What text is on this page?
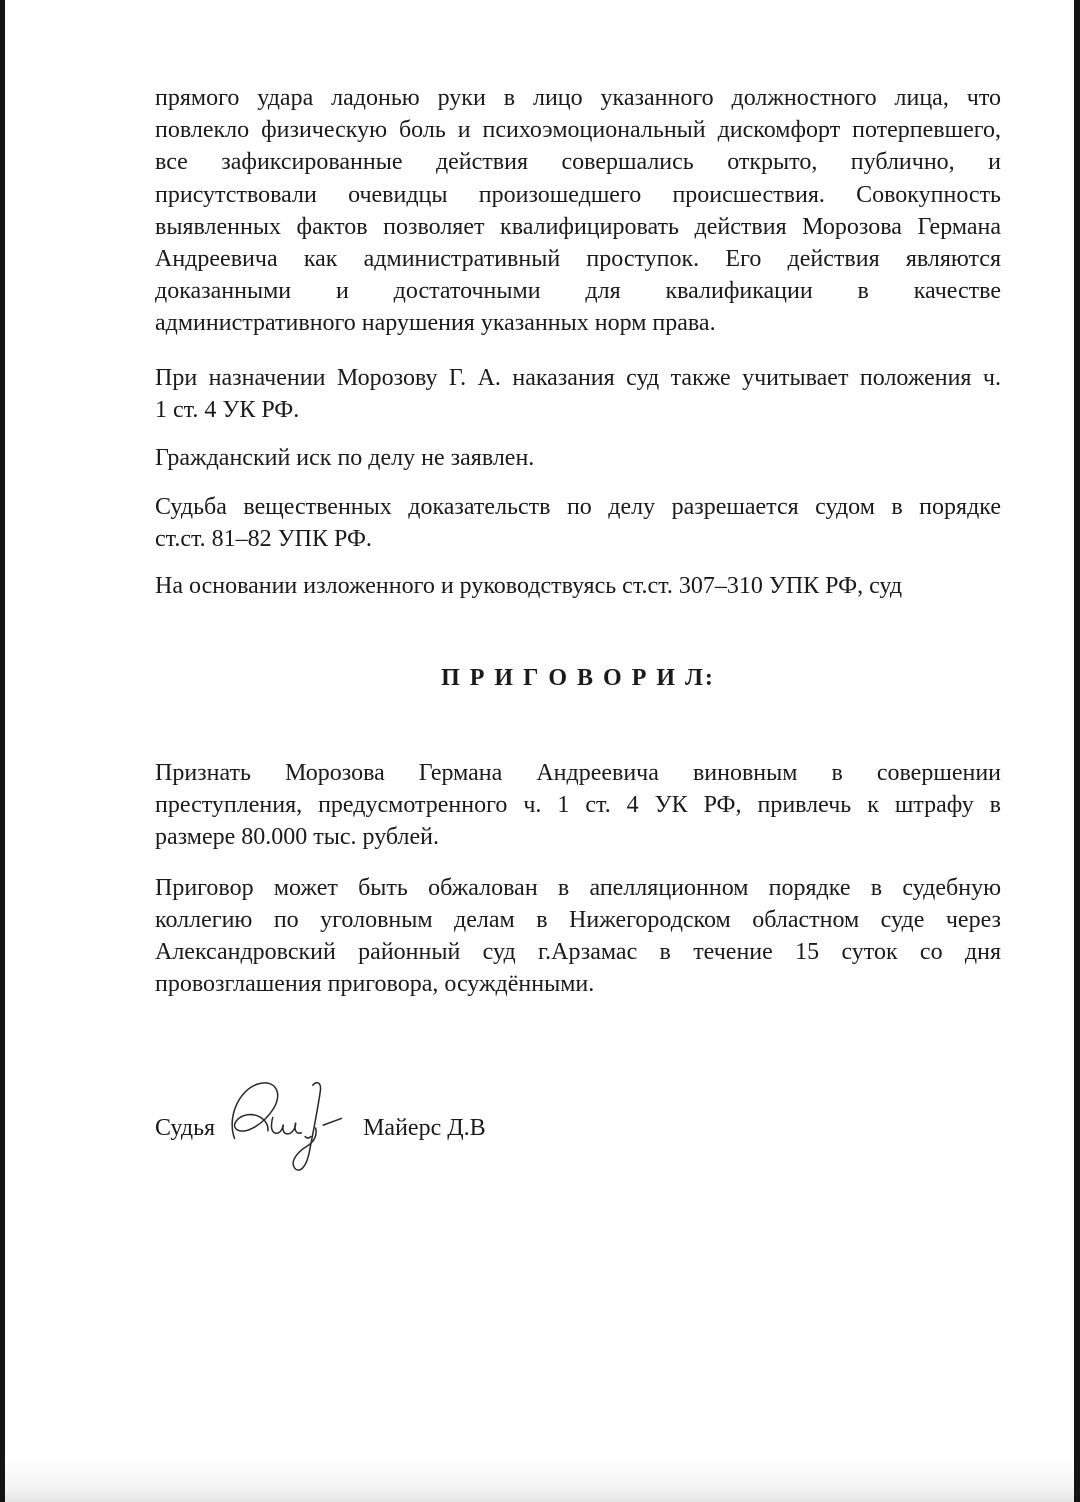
прямого удара ладонью руки в лицо указанного должностного лица, что
повлекло физическую боль и психоэмоциональный дискомфорт потерпевшего,
все зафиксированные действия совершались открыто, публично, и
присутствовали очевидцы произошедшего происшествия. Совокупность
выявленных фактов позволяет квалифицировать действия Морозова Германа
Андреевича как административный проступок. Его действия являются
доказанными и достаточными для квалификации в качестве
административного нарушения указанных норм права.
При назначении Морозову Г. А. наказания суд также учитывает положения ч.
1 ст. 4 УК РФ.
Гражданский иск по делу не заявлен.
Судьба вещественных доказательств по делу разрешается судом в порядке
ст.ст. 81–82 УПК РФ.
На основании изложенного и руководствуясь ст.ст. 307–310 УПК РФ, суд
П Р И Г О В О Р И Л:
Признать Морозова Германа Андреевича виновным в совершении
преступления, предусмотренного ч. 1 ст. 4 УК РФ, привлечь к штрафу в
размере 80.000 тыс. рублей.
Приговор может быть обжалован в апелляционном порядке в судебную
коллегию по уголовным делам в Нижегородском областном суде через
Александровский районный суд г.Арзамас в течение 15 суток со дня
провозглашения приговора, осуждёнными.
Судья	Майерс Д.В
